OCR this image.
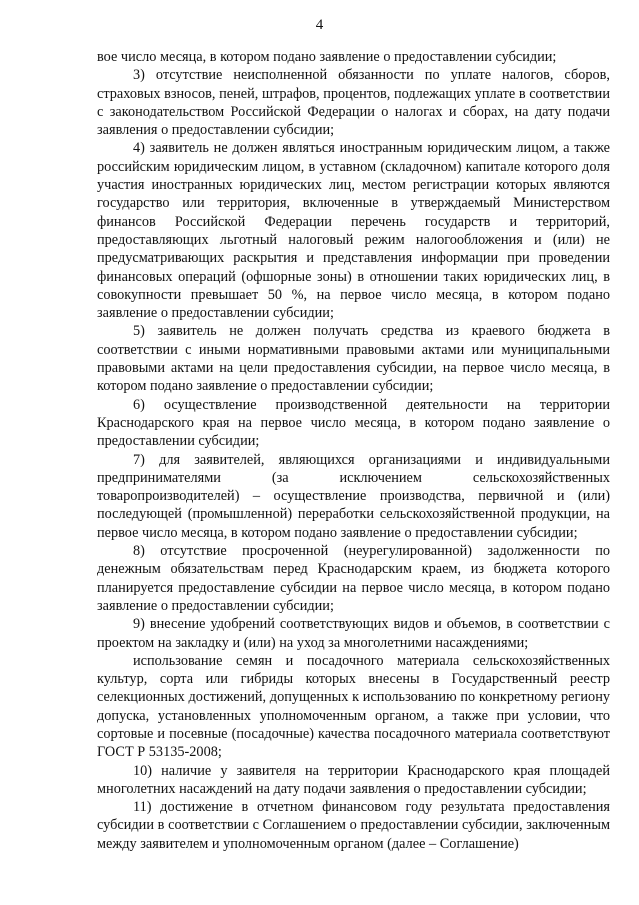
4

вое число месяца, в котором подано заявление о предоставлении субсидии;

3) отсутствие неисполненной обязанности по уплате налогов, сборов, страховых взносов, пеней, штрафов, процентов, подлежащих уплате в соответствии с законодательством Российской Федерации о налогах и сборах, на дату подачи заявления о предоставлении субсидии;

4) заявитель не должен являться иностранным юридическим лицом, а также российским юридическим лицом, в уставном (складочном) капитале которого доля участия иностранных юридических лиц, местом регистрации которых являются государство или территория, включенные в утверждаемый Министерством финансов Российской Федерации перечень государств и территорий, предоставляющих льготный налоговый режим налогообложения и (или) не предусматривающих раскрытия и представления информации при проведении финансовых операций (офшорные зоны) в отношении таких юридических лиц, в совокупности превышает 50 %, на первое число месяца, в котором подано заявление о предоставлении субсидии;

5) заявитель не должен получать средства из краевого бюджета в соответствии с иными нормативными правовыми актами или муниципальными правовыми актами на цели предоставления субсидии, на первое число месяца, в котором подано заявление о предоставлении субсидии;

6) осуществление производственной деятельности на территории Краснодарского края на первое число месяца, в котором подано заявление о предоставлении субсидии;

7) для заявителей, являющихся организациями и индивидуальными предпринимателями (за исключением сельскохозяйственных товаропроизводителей) – осуществление производства, первичной и (или) последующей (промышленной) переработки сельскохозяйственной продукции, на первое число месяца, в котором подано заявление о предоставлении субсидии;

8) отсутствие просроченной (неурегулированной) задолженности по денежным обязательствам перед Краснодарским краем, из бюджета которого планируется предоставление субсидии на первое число месяца, в котором подано заявление о предоставлении субсидии;

9) внесение удобрений соответствующих видов и объемов, в соответствии с проектом на закладку и (или) на уход за многолетними насаждениями;

использование семян и посадочного материала сельскохозяйственных культур, сорта или гибриды которых внесены в Государственный реестр селекционных достижений, допущенных к использованию по конкретному региону допуска, установленных уполномоченным органом, а также при условии, что сортовые и посевные (посадочные) качества посадочного материала соответствуют ГОСТ Р 53135-2008;

10) наличие у заявителя на территории Краснодарского края площадей многолетних насаждений на дату подачи заявления о предоставлении субсидии;

11) достижение в отчетном финансовом году результата предоставления субсидии в соответствии с Соглашением о предоставлении субсидии, заключенным между заявителем и уполномоченным органом (далее – Соглашение)
